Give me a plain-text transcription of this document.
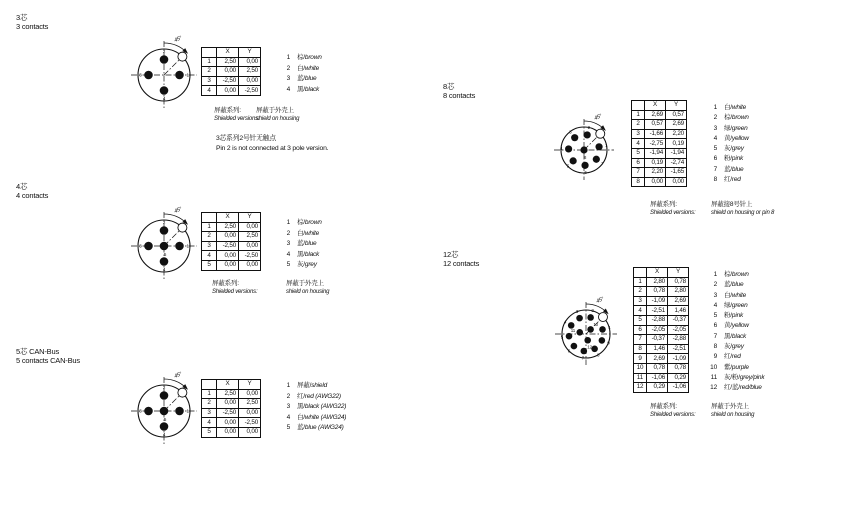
3芯
3 contacts
45°
1
2
3
4
	X	Y
1	2,50	0,00
2	0,00	2,50
3	-2,50	0,00
4	0,00	-2,50
1 棕/brown
2 白/white
3 蓝/blue
4 黑/black
屏蔽系列:
Shielded versions:
屏蔽于外壳上
shield on housing
3芯系列2号针无触点
Pin 2 is not connected at 3 pole version.
4芯
4 contacts
45°
1
2
3
4
5
	X	Y
1	2,50	0,00
2	0,00	2,50
3	-2,50	0,00
4	0,00	-2,50
5	0,00	0,00
1 棕/brown
2 白/white
3 蓝/blue
4 黑/black
5 灰/grey
屏蔽系列:
Shielded versions:
屏蔽于外壳上
shield on housing
5芯 CAN-Bus
5 contacts CAN-Bus
45°
1
2
3
4
5
	X	Y
1	2,50	0,00
2	0,00	2,50
3	-2,50	0,00
4	0,00	-2,50
5	0,00	0,00
1 屏蔽/shield
2 红/red (AWG22)
3 黑/black (AWG22)
4 白/white (AWG24)
5 蓝/blue (AWG24)
8芯
8 contacts
45°
1
2
3
4
5
6
7
8
	X	Y
1	2,69	0,57
2	0,57	2,69
3	-1,66	2,20
4	-2,75	0,19
5	-1,94	-1,94
6	0,19	-2,74
7	2,20	-1,65
8	0,00	0,00
1 白/white
2 棕/brown
3 绿/green
4 黄/yellow
5 灰/grey
6 粉/pink
7 蓝/blue
8 红/red
屏蔽系列:
Shielded versions:
屏蔽接8号针上
shield on housing or pin 8
12芯
12 contacts
45°
1
2
3
4
5
6
7
8
9
10
11
12
	X	Y
1	2,80	0,78
2	0,78	2,80
3	-1,09	2,69
4	-2,51	1,46
5	-2,88	-0,37
6	-2,05	-2,05
7	-0,37	-2,88
8	1,46	-2,51
9	2,69	-1,09
10	0,78	0,78
11	-1,06	0,29
12	0,29	-1,06
1 棕/brown
2 蓝/blue
3 白/white
4 绿/green
5 粉/pink
6 黄/yellow
7 黑/black
8 灰/grey
9 红/red
10 紫/purple
11 灰/粉/grey/pink
12 红/蓝/red/blue
屏蔽系列:
Shielded versions:
屏蔽于外壳上
shield on housing
